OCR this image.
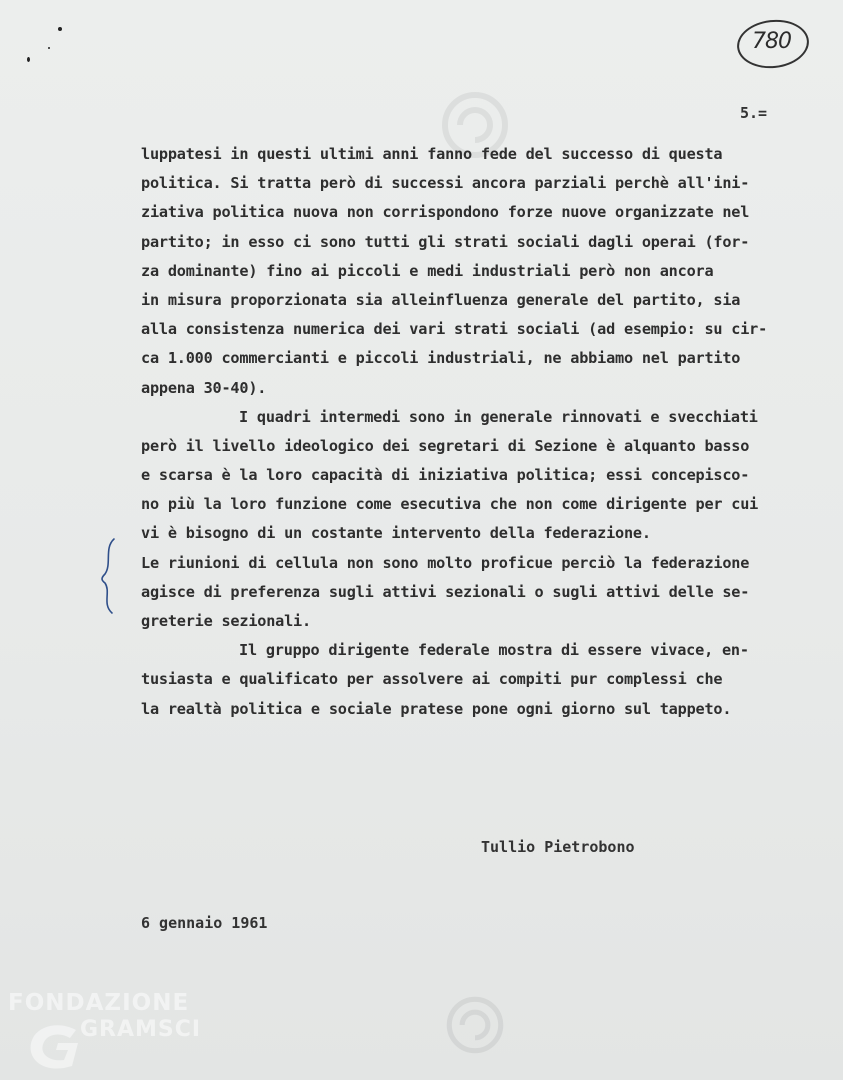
780
5.=
luppatesi in questi ultimi anni fanno fede del successo di questa
politica. Si tratta però di successi ancora parziali perchè all'ini-
ziativa politica nuova non corrispondono forze nuove organizzate nel
partito; in esso ci sono tutti gli strati sociali dagli operai (for-
za dominante) fino ai piccoli e medi industriali però non ancora
in misura proporzionata sia alleinfluenza generale del partito, sia
alla consistenza numerica dei vari strati sociali (ad esempio: su cir-
ca 1.000 commercianti e piccoli industriali, ne abbiamo nel partito
appena 30-40).
I quadri intermedi sono in generale rinnovati e svecchiati
però il livello ideologico dei segretari di Sezione è alquanto basso
e scarsa è la loro capacità di iniziativa politica; essi concepisco-
no più la loro funzione come esecutiva che non come dirigente per cui
vi è bisogno di un costante intervento della federazione.
Le riunioni di cellula non sono molto proficue perciò la federazione
agisce di preferenza sugli attivi sezionali o sugli attivi delle se-
greterie sezionali.
Il gruppo dirigente federale mostra di essere vivace, en-
tusiasta e qualificato per assolvere ai compiti pur complessi che
la realtà politica e sociale pratese pone ogni giorno sul tappeto.
Tullio Pietrobono
6 gennaio 1961
FONDAZIONE
GRAMSCI
